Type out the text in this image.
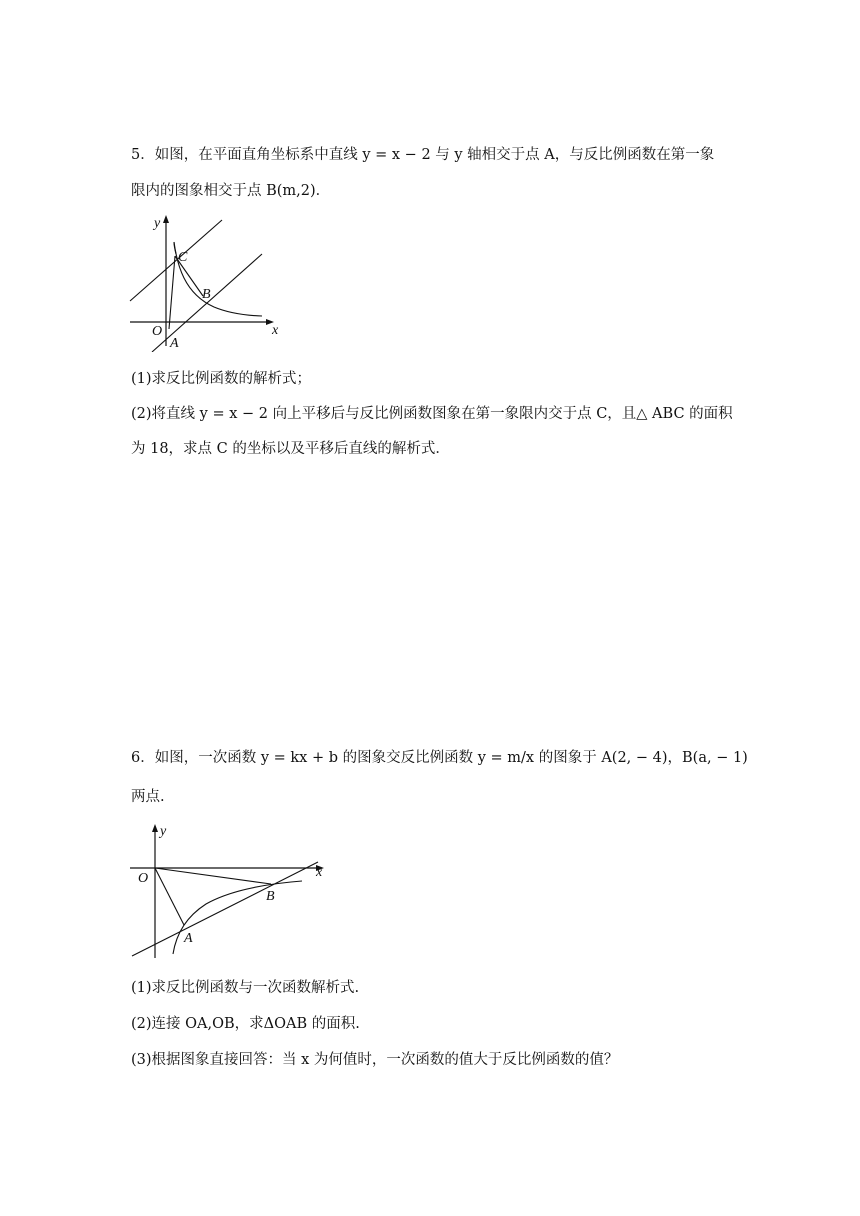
5．如图，在平面直角坐标系中直线 y = x − 2 与 y 轴相交于点 A，与反比例函数在第一象
限内的图象相交于点 B(m,2)．
y
x
O
A
B
C
(1)求反比例函数的解析式；
(2)将直线 y = x − 2 向上平移后与反比例函数图象在第一象限内交于点 C，且△ ABC 的面积
为 18，求点 C 的坐标以及平移后直线的解析式．
6．如图，一次函数 y = kx + b 的图象交反比例函数 y = m/x 的图象于 A(2, − 4)，B(a, − 1)
两点.
y
x
O
A
B
(1)求反比例函数与一次函数解析式.
(2)连接 OA,OB，求ΔOAB 的面积.
(3)根据图象直接回答：当 x 为何值时，一次函数的值大于反比例函数的值？
